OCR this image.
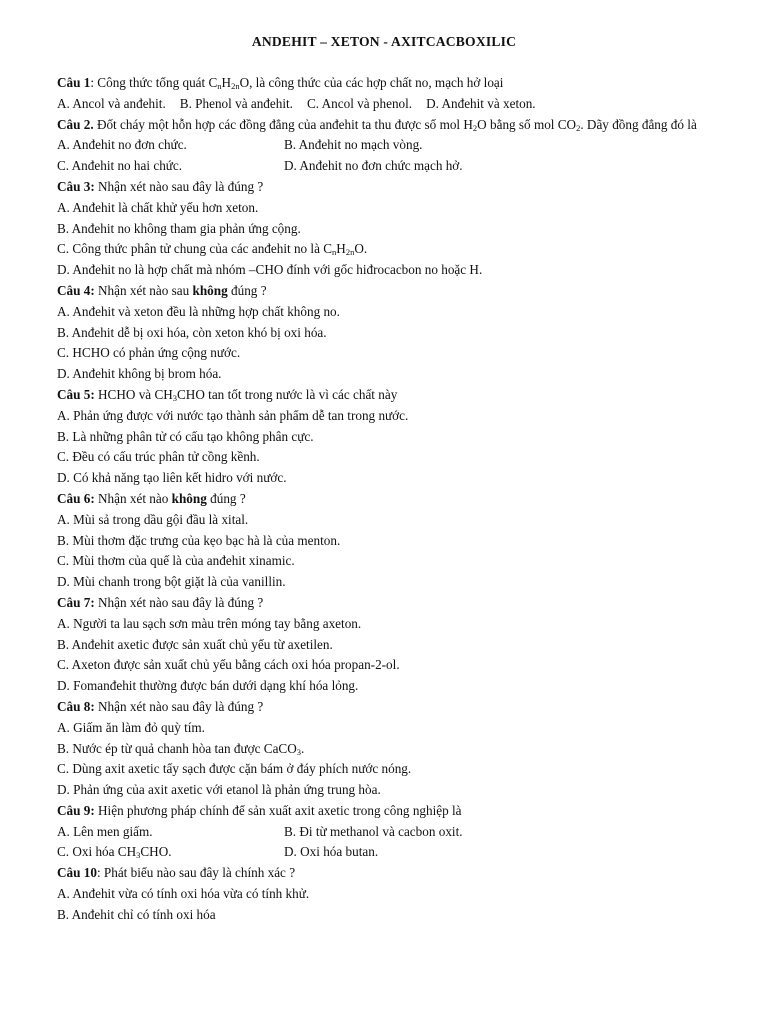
ANDEHIT – XETON - AXITCACBOXILIC
Câu 1: Công thức tổng quát $C_nH_{2n}O$, là công thức của các hợp chất no, mạch hở loại
A. Ancol và anđehit. B. Phenol và anđehit. C. Ancol và phenol. D. Anđehit và xeton.
Câu 2. Đốt cháy một hỗn hợp các đồng đẳng của anđehit ta thu được số mol $H_2O$ bằng số mol $CO_2$. Dãy đồng đẳng đó là
A. Anđehit no đơn chức.	B. Anđehit no mạch vòng.
C. Anđehit no hai chức.	D. Anđehit no đơn chức mạch hở.
Câu 3: Nhận xét nào sau đây là đúng ?
A. Anđehit là chất khử yếu hơn xeton.
B. Anđehit no không tham gia phản ứng cộng.
C. Công thức phân tử chung của các anđehit no là $C_nH_{2n}O$.
D. Anđehit no là hợp chất mà nhóm –CHO đính với gốc hiđrocacbon no hoặc H.
Câu 4: Nhận xét nào sau không đúng ?
A. Anđehit và xeton đều là những hợp chất không no.
B. Anđehit dễ bị oxi hóa, còn xeton khó bị oxi hóa.
C. HCHO có phản ứng cộng nước.
D. Anđehit không bị brom hóa.
Câu 5: HCHO và $CH_3CHO$ tan tốt trong nước là vì các chất này
A. Phản ứng được với nước tạo thành sản phẩm dễ tan trong nước.
B. Là những phân tử có cấu tạo không phân cực.
C. Đều có cấu trúc phân tử cồng kềnh.
D. Có khả năng tạo liên kết hidro với nước.
Câu 6: Nhận xét nào không đúng ?
A. Mùi sả trong dầu gội đầu là xital.
B. Mùi thơm đặc trưng của kẹo bạc hà là của menton.
C. Mùi thơm của quế là của anđehit xinamic.
D. Mùi chanh trong bột giặt là của vanillin.
Câu 7: Nhận xét nào sau đây là đúng ?
A. Người ta lau sạch sơn màu trên móng tay bằng axeton.
B. Anđehit axetic được sản xuất chủ yếu từ axetilen.
C. Axeton được sản xuất chủ yếu bằng cách oxi hóa propan-2-ol.
D. Fomanđehit thường được bán dưới dạng khí hóa lỏng.
Câu 8: Nhận xét nào sau đây là đúng ?
A. Giấm ăn làm đỏ quỳ tím.
B. Nước ép từ quả chanh hòa tan được CaCO$_3$.
C. Dùng axit axetic tẩy sạch được cặn bám ở đáy phích nước nóng.
D. Phản ứng của axit axetic với etanol là phản ứng trung hòa.
Câu 9: Hiện phương pháp chính để sản xuất axit axetic trong công nghiệp là
A. Lên men giấm.	B. Đi từ methanol và cacbon oxit.
C. Oxi hóa $CH_3CHO$.	D. Oxi hóa butan.
Câu 10: Phát biểu nào sau đây là chính xác ?
A. Anđehit vừa có tính oxi hóa vừa có tính khử.
B. Anđehit chỉ có tính oxi hóa
